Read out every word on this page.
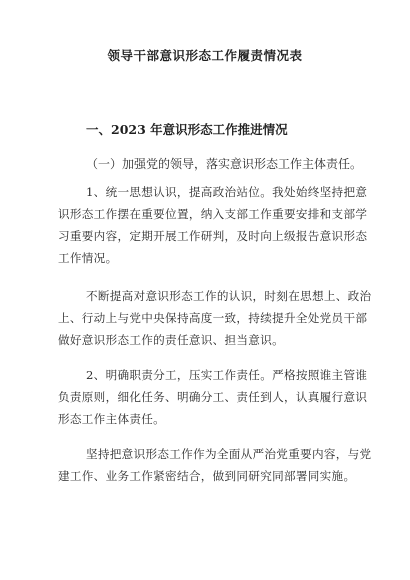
领导干部意识形态工作履责情况表
一、2023 年意识形态工作推进情况
（一）加强党的领导，落实意识形态工作主体责任。
1、统一思想认识，提高政治站位。我处始终坚持把意识形态工作摆在重要位置，纳入支部工作重要安排和支部学习重要内容，定期开展工作研判，及时向上级报告意识形态工作情况。
不断提高对意识形态工作的认识，时刻在思想上、政治上、行动上与党中央保持高度一致，持续提升全处党员干部做好意识形态工作的责任意识、担当意识。
2、明确职责分工，压实工作责任。严格按照谁主管谁负责原则，细化任务、明确分工、责任到人，认真履行意识形态工作主体责任。
坚持把意识形态工作作为全面从严治党重要内容，与党建工作、业务工作紧密结合，做到同研究同部署同实施。
